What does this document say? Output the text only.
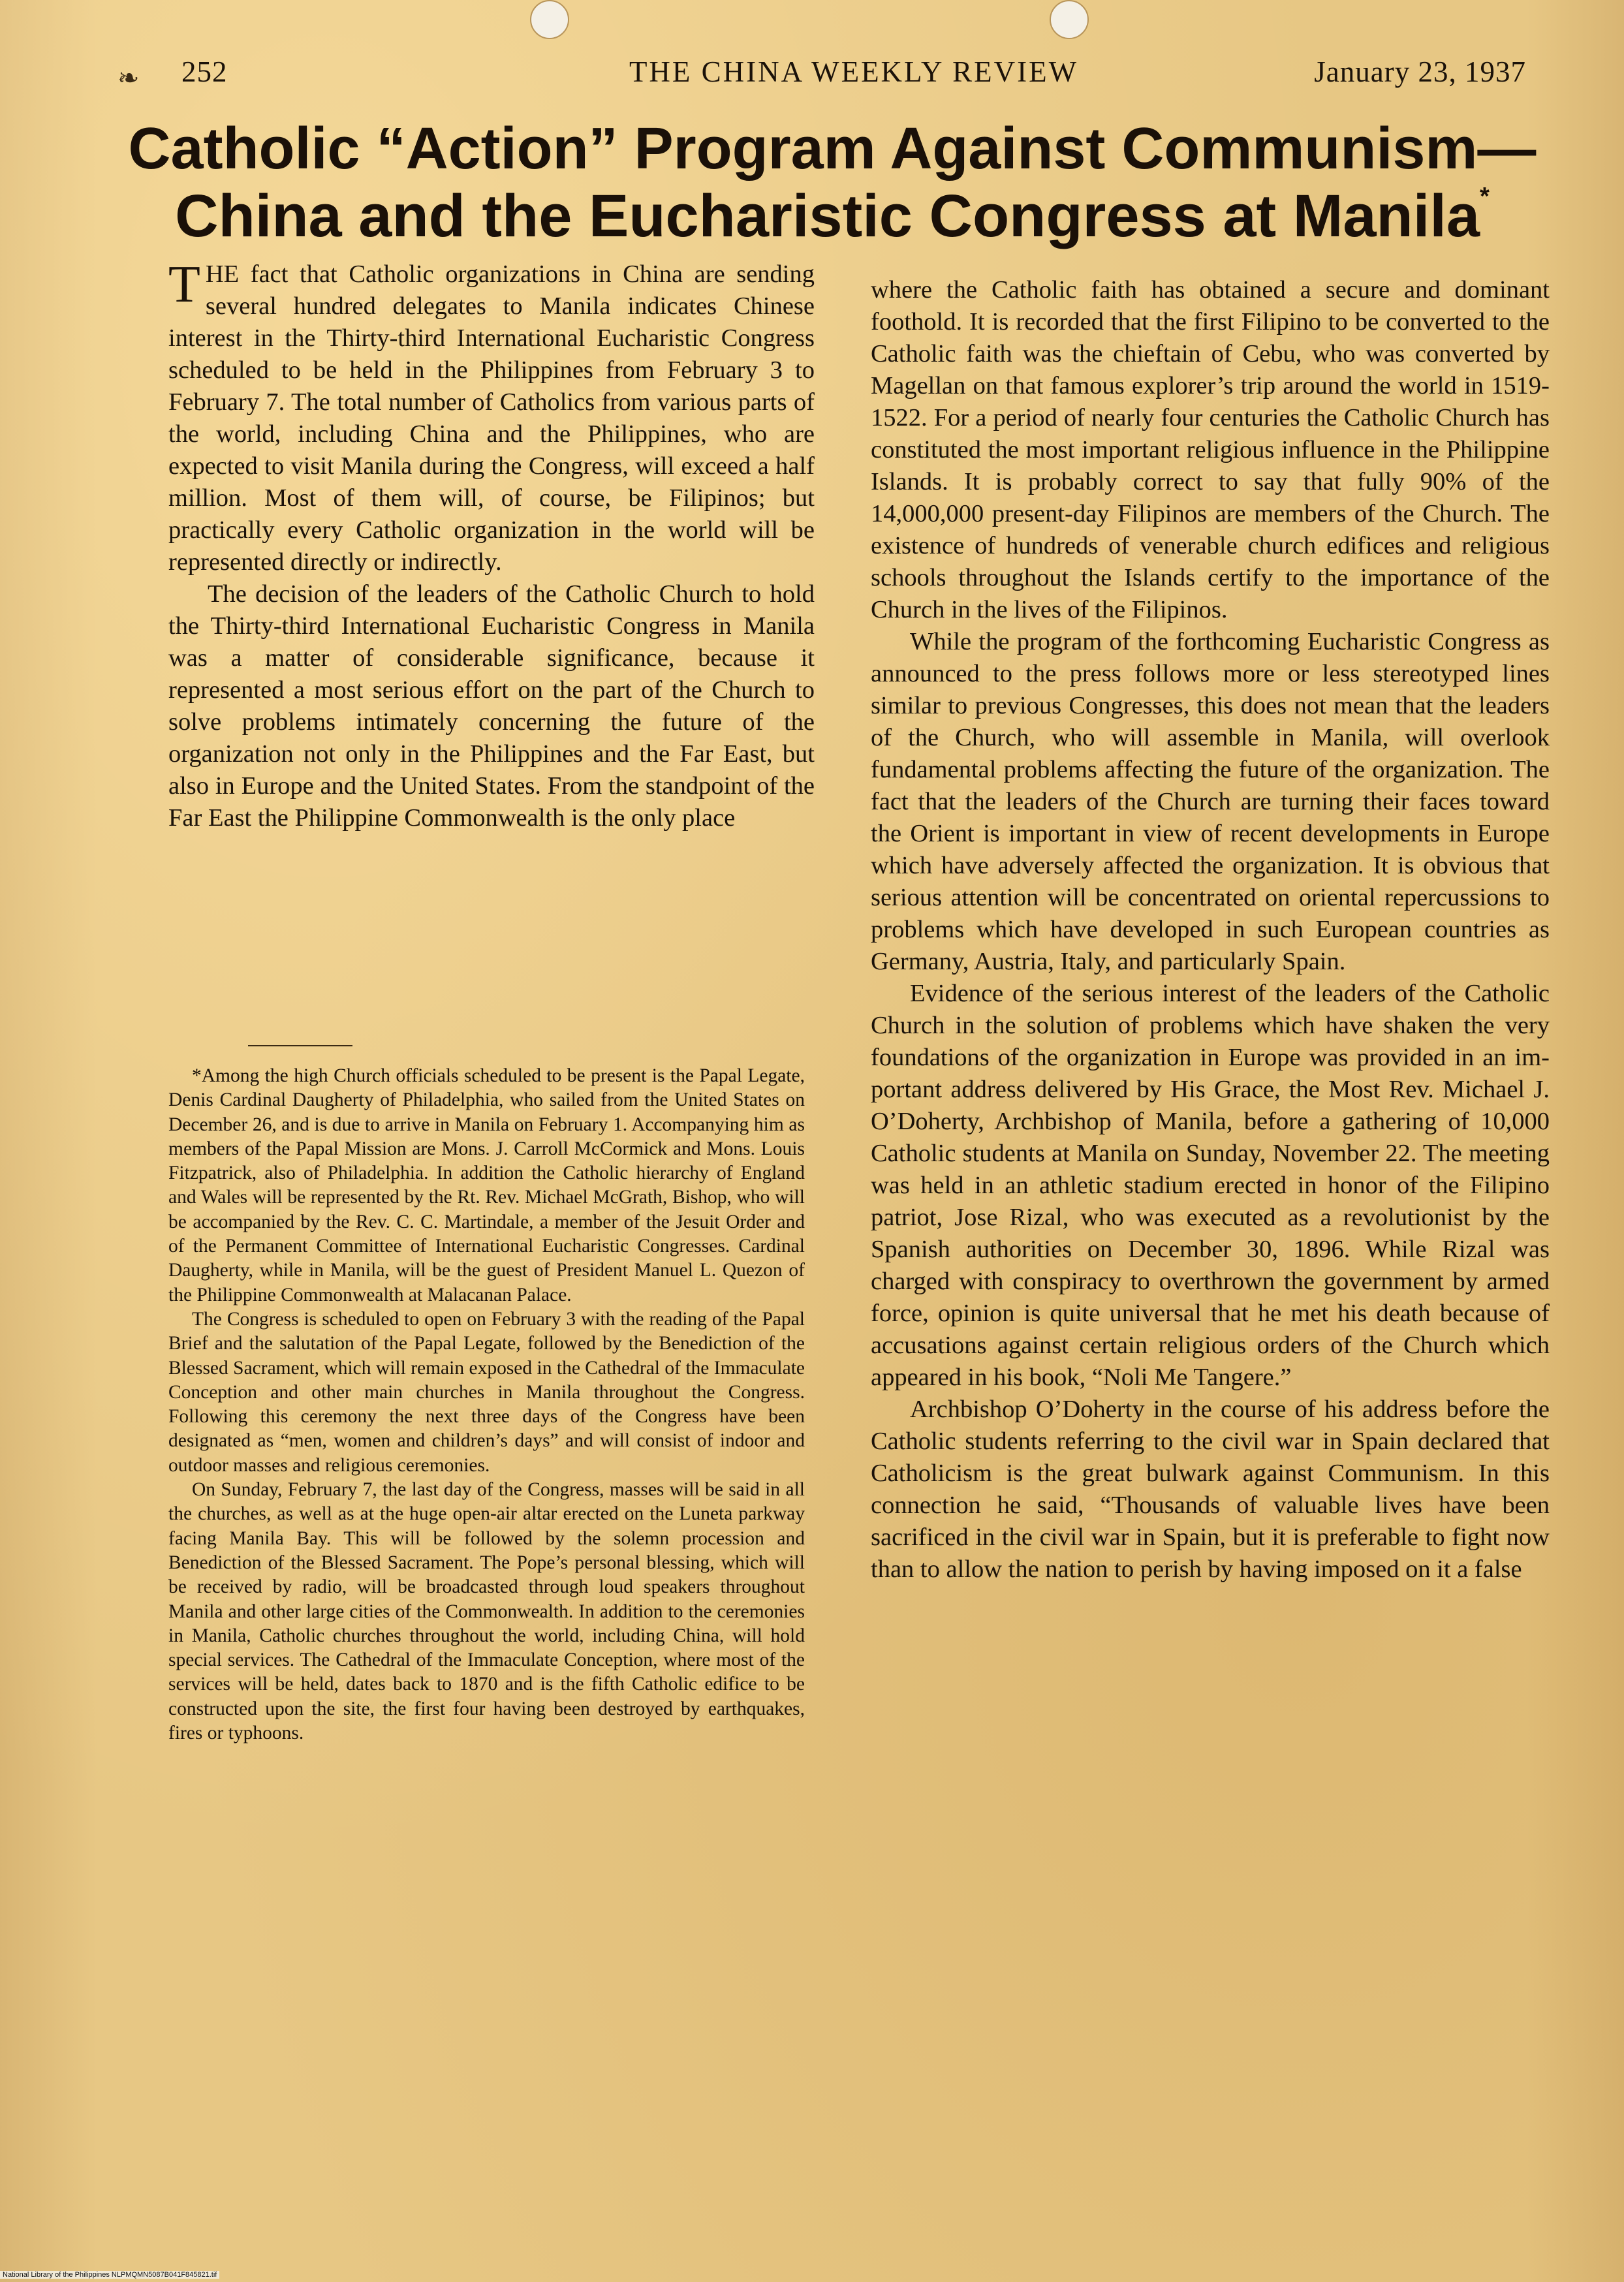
❧ 252	THE CHINA WEEKLY REVIEW	January 23, 1937
Catholic “Action” Program Against Communism—
China and the Eucharistic Congress at Manila*

THE fact that Catholic organizations in China are sending several hundred delegates to Manila indicates Chinese interest in the Thirty-third International Eucharistic Congress scheduled to be held in the Philippines from February 3 to February 7. The total number of Catholics from various parts of the world, including China and the Philippines, who are expected to visit Manila during the Congress, will exceed a half million. Most of them will, of course, be Filipinos; but practically every Catholic organization in the world will be represented directly or indirectly.

The decision of the leaders of the Catholic Church to hold the Thirty-third International Eucharistic Congress in Manila was a matter of considerable significance, because it represented a most serious effort on the part of the Church to solve problems intimately concerning the future of the organization not only in the Philippines and the Far East, but also in Europe and the United States. From the standpoint of the Far East the Philippine Commonwealth is the only place

*Among the high Church officials scheduled to be present is the Papal Legate, Denis Cardinal Daugherty of Philadelphia, who sailed from the United States on December 26, and is due to arrive in Manila on February 1. Accompanying him as members of the Papal Mission are Mons. J. Carroll McCormick and Mons. Louis Fitzpatrick, also of Philadelphia. In addition the Catholic hierarchy of England and Wales will be represented by the Rt. Rev. Michael McGrath, Bishop, who will be accompanied by the Rev. C. C. Martindale, a member of the Jesuit Order and of the Permanent Committee of International Eucharistic Congresses. Cardinal Daugherty, while in Manila, will be the guest of President Manuel L. Quezon of the Philippine Commonwealth at Malacanan Palace.

The Congress is scheduled to open on February 3 with the reading of the Papal Brief and the salutation of the Papal Legate, followed by the Benediction of the Blessed Sacrament, which will remain exposed in the Cathedral of the Immaculate Conception and other main churches in Manila throughout the Congress. Following this ceremony the next three days of the Congress have been designated as “men, women and children’s days” and will consist of indoor and outdoor masses and religious ceremonies.

On Sunday, February 7, the last day of the Congress, masses will be said in all the churches, as well as at the huge open-air altar erected on the Luneta parkway facing Manila Bay. This will be followed by the solemn procession and Benediction of the Blessed Sacrament. The Pope’s personal blessing, which will be received by radio, will be broadcasted through loud speakers throughout Manila and other large cities of the Commonwealth. In addition to the ceremonies in Manila, Catholic churches throughout the world, including China, will hold special services. The Cathedral of the Immaculate Conception, where most of the services will be held, dates back to 1870 and is the fifth Catholic edifice to be constructed upon the site, the first four having been destroyed by earthquakes, fires or typhoons.

where the Catholic faith has obtained a secure and dominant foothold. It is recorded that the first Filipino to be converted to the Catholic faith was the chieftain of Cebu, who was converted by Magellan on that famous explorer’s trip around the world in 1519-1522. For a period of nearly four centuries the Catholic Church has constituted the most important religious influence in the Philippine Islands. It is probably correct to say that fully 90% of the 14,000,000 present-day Filipinos are members of the Church. The existence of hundreds of venerable church edifices and religious schools throughout the Islands certify to the importance of the Church in the lives of the Filipinos.

While the program of the forthcoming Eucharistic Congress as announced to the press follows more or less stereotyped lines similar to previous Congresses, this does not mean that the leaders of the Church, who will assemble in Manila, will overlook fundamental problems affecting the future of the organization. The fact that the leaders of the Church are turning their faces toward the Orient is important in view of recent developments in Europe which have adversely affected the organization. It is obvious that serious attention will be concentrated on oriental repercussions to problems which have developed in such European countries as Germany, Austria, Italy, and particularly Spain.

Evidence of the serious interest of the leaders of the Catholic Church in the solution of problems which have shaken the very foundations of the organization in Europe was provided in an important address delivered by His Grace, the Most Rev. Michael J. O’Doherty, Archbishop of Manila, before a gathering of 10,000 Catholic students at Manila on Sunday, November 22. The meeting was held in an athletic stadium erected in honor of the Filipino patriot, Jose Rizal, who was executed as a revolutionist by the Spanish authorities on December 30, 1896. While Rizal was charged with conspiracy to overthrown the government by armed force, opinion is quite universal that he met his death because of accusations against certain religious orders of the Church which appeared in his book, “Noli Me Tangere.”

Archbishop O’Doherty in the course of his address before the Catholic students referring to the civil war in Spain declared that Catholicism is the great bulwark against Communism. In this connection he said, “Thousands of valuable lives have been sacrificed in the civil war in Spain, but it is preferable to fight now than to allow the nation to perish by having imposed on it a false

National Library of the Philippines NLPMQMN5087B041F845821.tif
